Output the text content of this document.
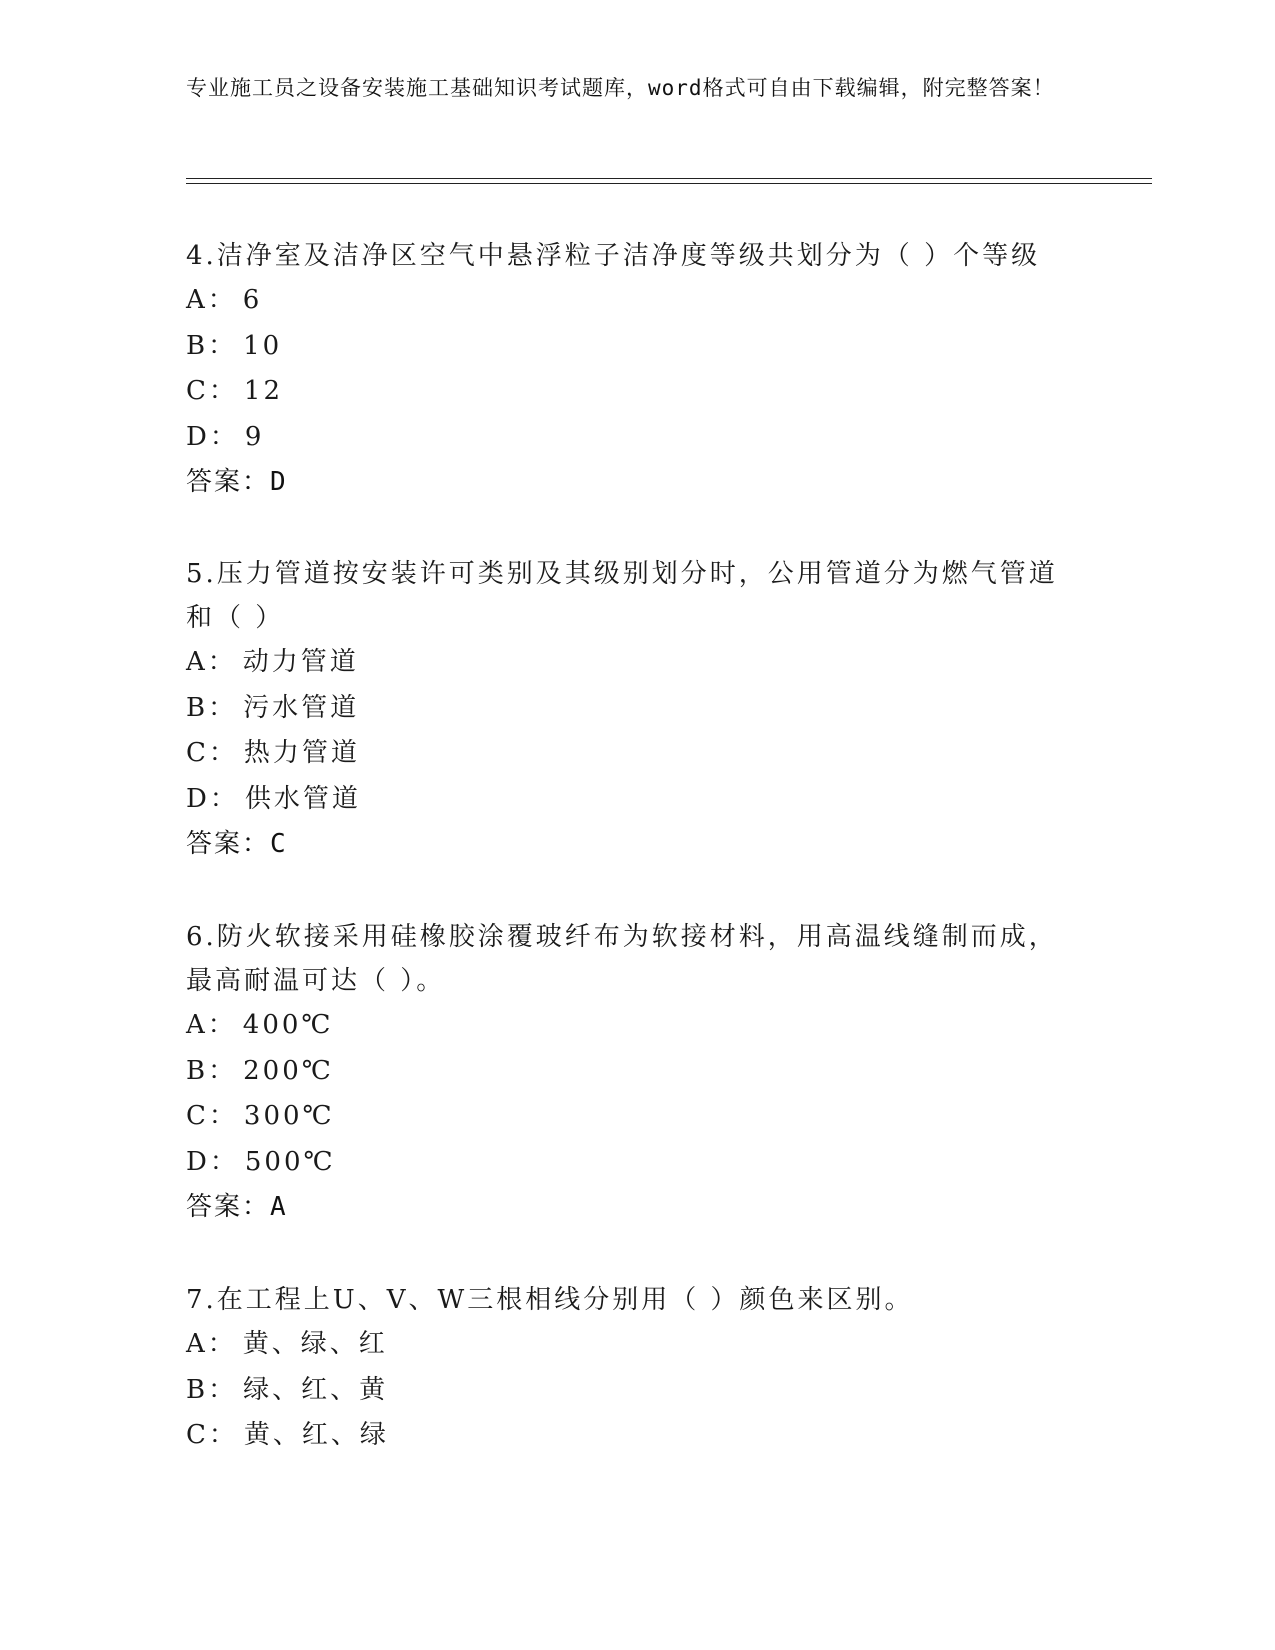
专业施工员之设备安装施工基础知识考试题库，word格式可自由下载编辑，附完整答案！

4.洁净室及洁净区空气中悬浮粒子洁净度等级共划分为（ ）个等级

A： 6

B： 10

C： 12

D： 9

答案：D

5.压力管道按安装许可类别及其级别划分时，公用管道分为燃气管道和（ ）

A： 动力管道

B： 污水管道

C： 热力管道

D： 供水管道

答案：C

6.防火软接采用硅橡胶涂覆玻纤布为软接材料，用高温线缝制而成，最高耐温可达（ ）。

A： 400℃

B： 200℃

C： 300℃

D： 500℃

答案：A

7.在工程上U、V、W三根相线分别用（ ）颜色来区别。

A： 黄、绿、红

B： 绿、红、黄

C： 黄、红、绿
